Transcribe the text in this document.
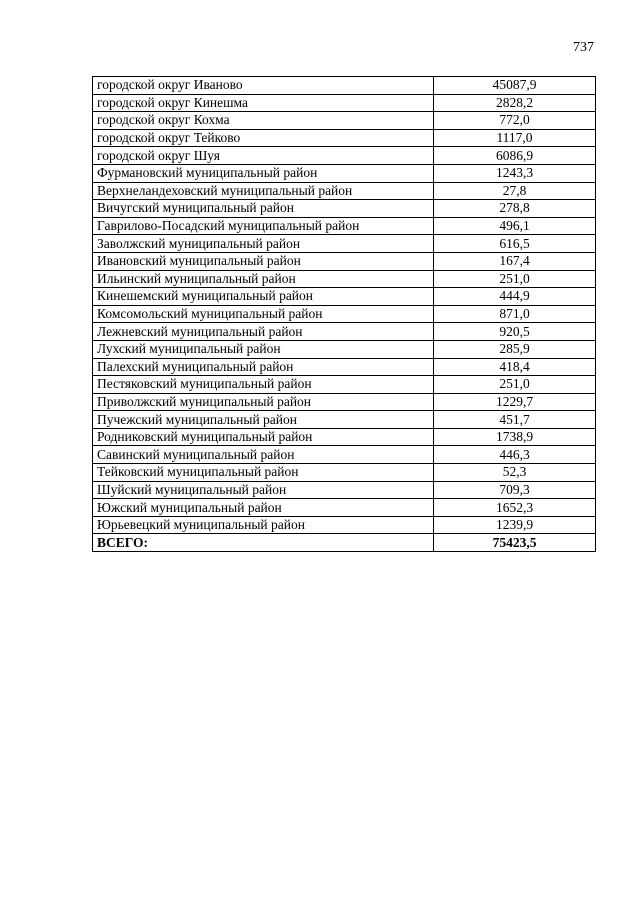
737
городской округ Иваново	45087,9
городской округ Кинешма	2828,2
городской округ Кохма	772,0
городской округ Тейково	1117,0
городской округ Шуя	6086,9
Фурмановский муниципальный район	1243,3
Верхнеландеховский муниципальный район	27,8
Вичугский муниципальный район	278,8
Гаврилово-Посадский муниципальный район	496,1
Заволжский муниципальный район	616,5
Ивановский муниципальный район	167,4
Ильинский муниципальный район	251,0
Кинешемский муниципальный район	444,9
Комсомольский муниципальный район	871,0
Лежневский муниципальный район	920,5
Лухский муниципальный район	285,9
Палехский муниципальный район	418,4
Пестяковский муниципальный район	251,0
Приволжский муниципальный район	1229,7
Пучежский муниципальный район	451,7
Родниковский муниципальный район	1738,9
Савинский муниципальный район	446,3
Тейковский муниципальный район	52,3
Шуйский муниципальный район	709,3
Южский муниципальный район	1652,3
Юрьевецкий муниципальный район	1239,9
ВСЕГО:	75423,5
